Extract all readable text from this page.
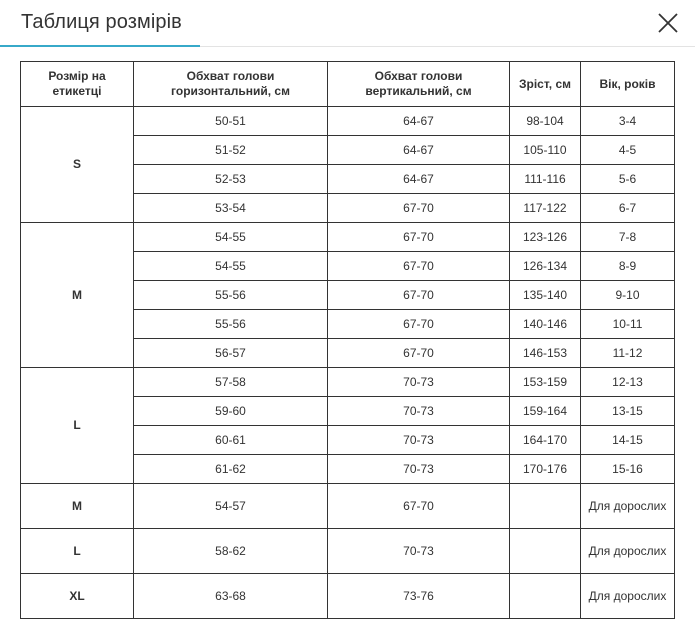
Таблиця розмірів
Розмір на етикетці	Обхват голови горизонтальний, см	Обхват голови вертикальний, см	Зріст, см	Вік, років
S	50-51	64-67	98-104	3-4
	51-52	64-67	105-110	4-5
	52-53	64-67	111-116	5-6
	53-54	67-70	117-122	6-7
M	54-55	67-70	123-126	7-8
	54-55	67-70	126-134	8-9
	55-56	67-70	135-140	9-10
	55-56	67-70	140-146	10-11
	56-57	67-70	146-153	11-12
L	57-58	70-73	153-159	12-13
	59-60	70-73	159-164	13-15
	60-61	70-73	164-170	14-15
	61-62	70-73	170-176	15-16
M	54-57	67-70		Для дорослих
L	58-62	70-73		Для дорослих
XL	63-68	73-76		Для дорослих
